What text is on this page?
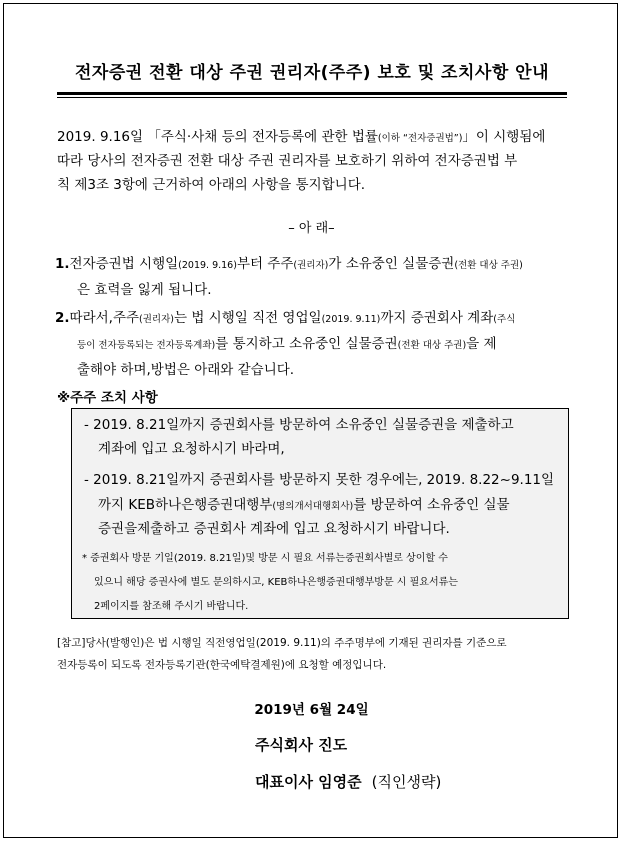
전자증권 전환 대상 주권 권리자(주주) 보호 및 조치사항 안내
2019. 9.16일 「주식·사채 등의 전자등록에 관한 법률(이하 “전자증권법”)」이 시행됨에
따라 당사의 전자증권 전환 대상 주권 권리자를 보호하기 위하여 전자증권법 부
칙 제3조 3항에 근거하여 아래의 사항을 통지합니다.
– 아 래–
1.전자증권법 시행일(2019. 9.16)부터 주주(권리자)가 소유중인 실물증권(전환 대상 주권)
은 효력을 잃게 됩니다.
2.따라서,주주(권리자)는 법 시행일 직전 영업일(2019. 9.11)까지 증권회사 계좌(주식
등이 전자등록되는 전자등록계좌)를 통지하고 소유중인 실물증권(전환 대상 주권)을 제
출해야 하며,방법은 아래와 같습니다.
※주주 조치 사항
- 2019. 8.21일까지 증권회사를 방문하여 소유중인 실물증권을 제출하고
계좌에 입고 요청하시기 바라며,
- 2019. 8.21일까지 증권회사를 방문하지 못한 경우에는, 2019. 8.22~9.11일
까지 KEB하나은행증권대행부(명의개서대행회사)를 방문하여 소유중인 실물
증권을제출하고 증권회사 계좌에 입고 요청하시기 바랍니다.
* 증권회사 방문 기일(2019. 8.21일)및 방문 시 필요 서류는증권회사별로 상이할 수
있으니 해당 증권사에 별도 문의하시고, KEB하나은행증권대행부방문 시 필요서류는
2페이지를 참조해 주시기 바랍니다.
[참고]당사(발행인)은 법 시행일 직전영업일(2019. 9.11)의 주주명부에 기재된 권리자를 기준으로
전자등록이 되도록 전자등록기관(한국예탁결제원)에 요청할 예정입니다.
2019년 6월 24일
주식회사 진도
대표이사 임영준 (직인생략)
